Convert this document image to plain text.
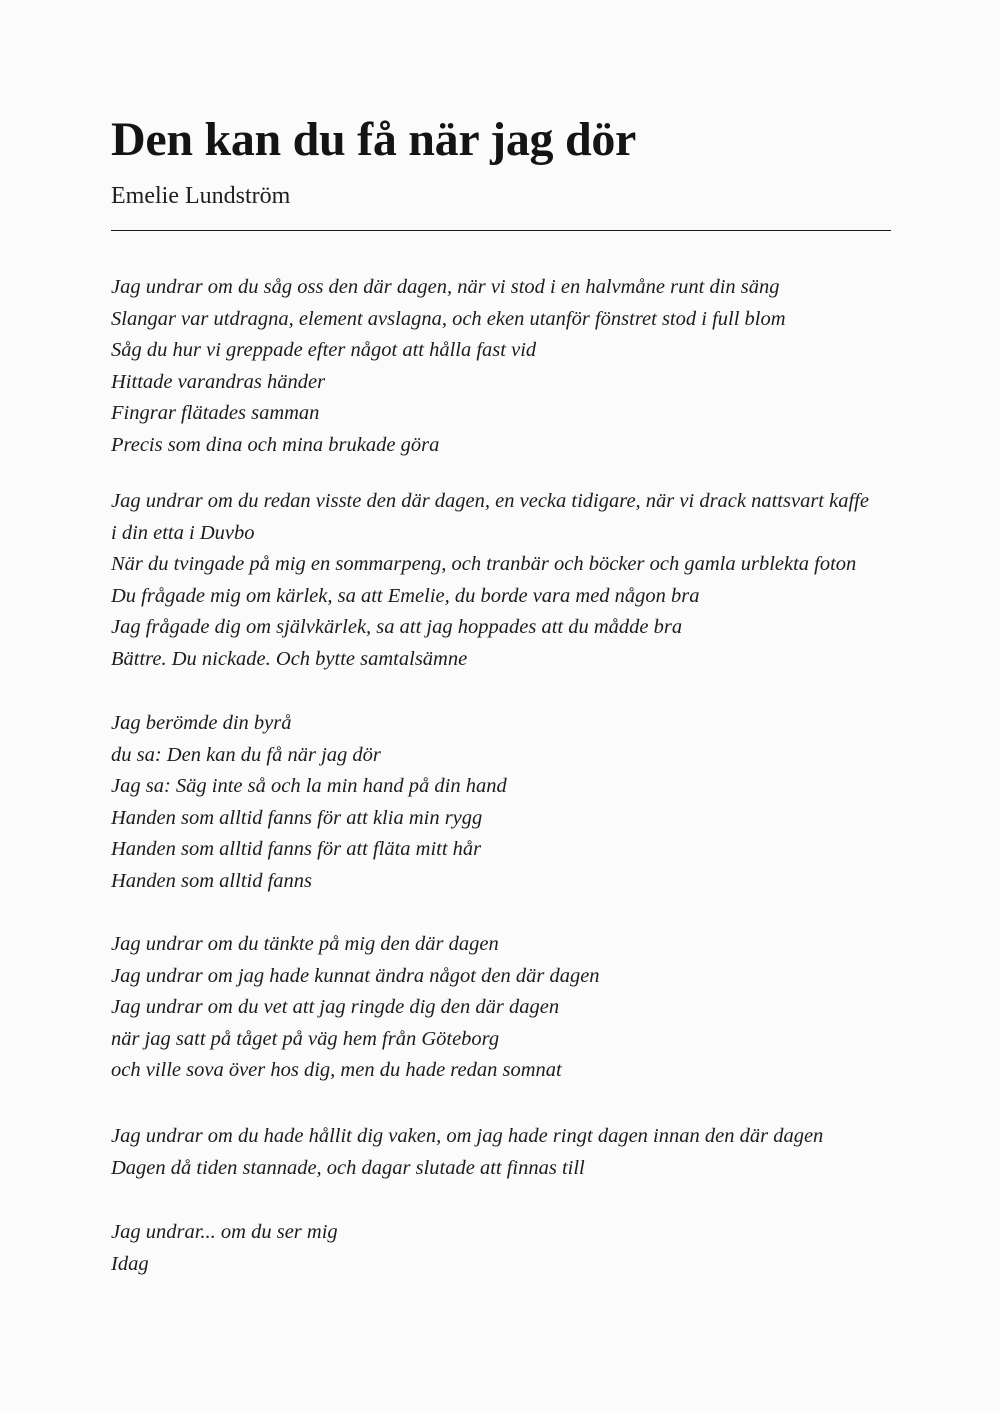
Den kan du få när jag dör
Emelie Lundström
Jag undrar om du såg oss den där dagen, när vi stod i en halvmåne runt din säng
Slangar var utdragna, element avslagna, och eken utanför fönstret stod i full blom
Såg du hur vi greppade efter något att hålla fast vid
Hittade varandras händer
Fingrar flätades samman
Precis som dina och mina brukade göra
Jag undrar om du redan visste den där dagen, en vecka tidigare, när vi drack nattsvart kaffe
i din etta i Duvbo
När du tvingade på mig en sommarpeng, och tranbär och böcker och gamla urblekta foton
Du frågade mig om kärlek, sa att Emelie, du borde vara med någon bra
Jag frågade dig om självkärlek, sa att jag hoppades att du mådde bra
Bättre. Du nickade. Och bytte samtalsämne
Jag berömde din byrå
du sa: Den kan du få när jag dör
Jag sa: Säg inte så och la min hand på din hand
Handen som alltid fanns för att klia min rygg
Handen som alltid fanns för att fläta mitt hår
Handen som alltid fanns
Jag undrar om du tänkte på mig den där dagen
Jag undrar om jag hade kunnat ändra något den där dagen
Jag undrar om du vet att jag ringde dig den där dagen
när jag satt på tåget på väg hem från Göteborg
och ville sova över hos dig, men du hade redan somnat
Jag undrar om du hade hållit dig vaken, om jag hade ringt dagen innan den där dagen
Dagen då tiden stannade, och dagar slutade att finnas till
Jag undrar... om du ser mig
Idag
